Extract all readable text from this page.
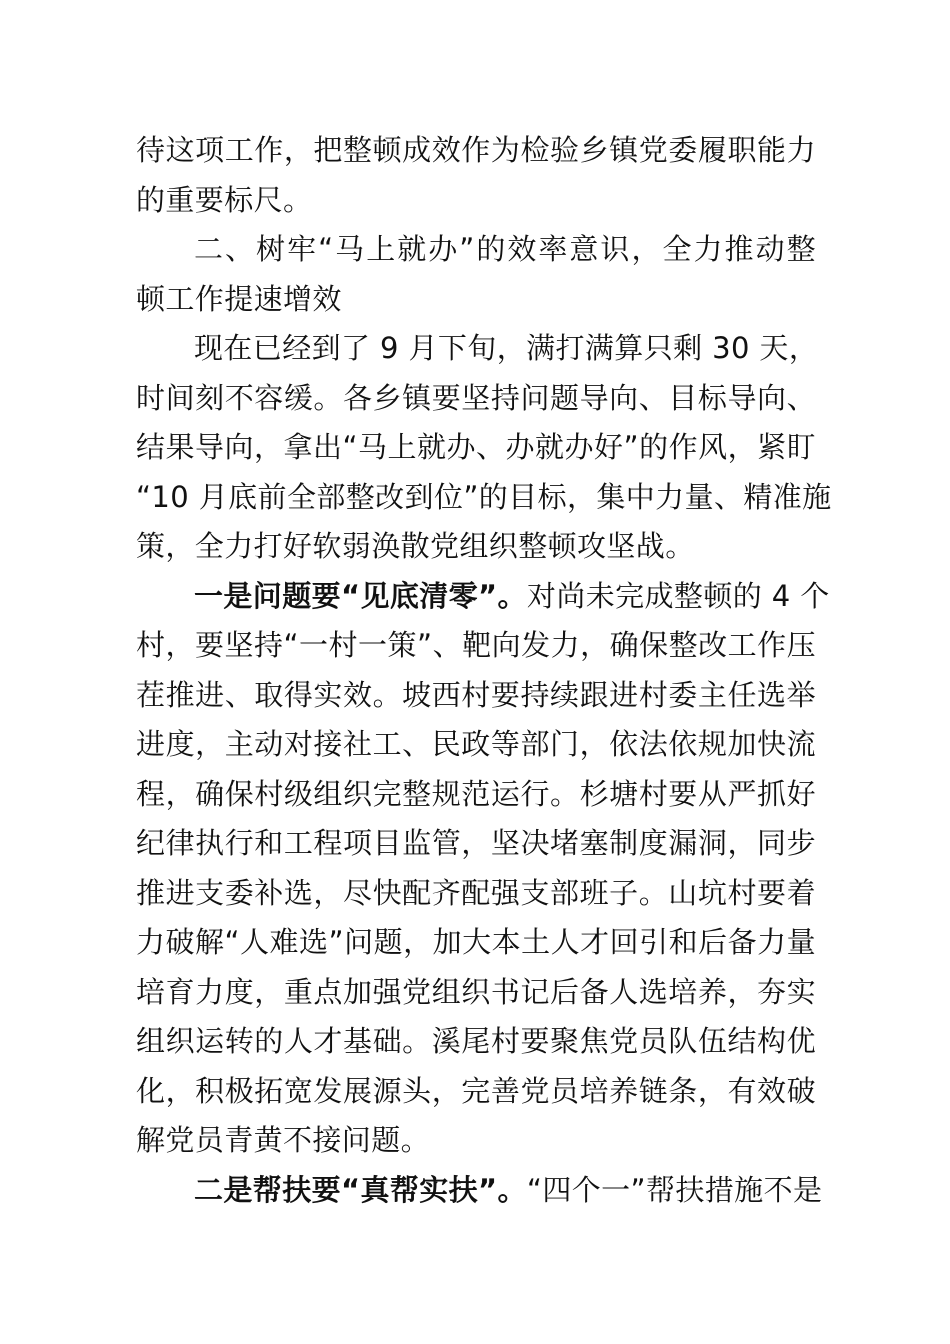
待这项工作，把整顿成效作为检验乡镇党委履职能力
的重要标尺。
二、树牢“马上就办”的效率意识，全力推动整
顿工作提速增效
现在已经到了 9 月下旬，满打满算只剩 30 天，
时间刻不容缓。各乡镇要坚持问题导向、目标导向、
结果导向，拿出“马上就办、办就办好”的作风，紧盯
“10 月底前全部整改到位”的目标，集中力量、精准施
策，全力打好软弱涣散党组织整顿攻坚战。
一是问题要“见底清零”。对尚未完成整顿的 4 个
村，要坚持“一村一策”、靶向发力，确保整改工作压
茬推进、取得实效。坡西村要持续跟进村委主任选举
进度，主动对接社工、民政等部门，依法依规加快流
程，确保村级组织完整规范运行。杉塘村要从严抓好
纪律执行和工程项目监管，坚决堵塞制度漏洞，同步
推进支委补选，尽快配齐配强支部班子。山坑村要着
力破解“人难选”问题，加大本土人才回引和后备力量
培育力度，重点加强党组织书记后备人选培养，夯实
组织运转的人才基础。溪尾村要聚焦党员队伍结构优
化，积极拓宽发展源头，完善党员培养链条，有效破
解党员青黄不接问题。
二是帮扶要“真帮实扶”。“四个一”帮扶措施不是
